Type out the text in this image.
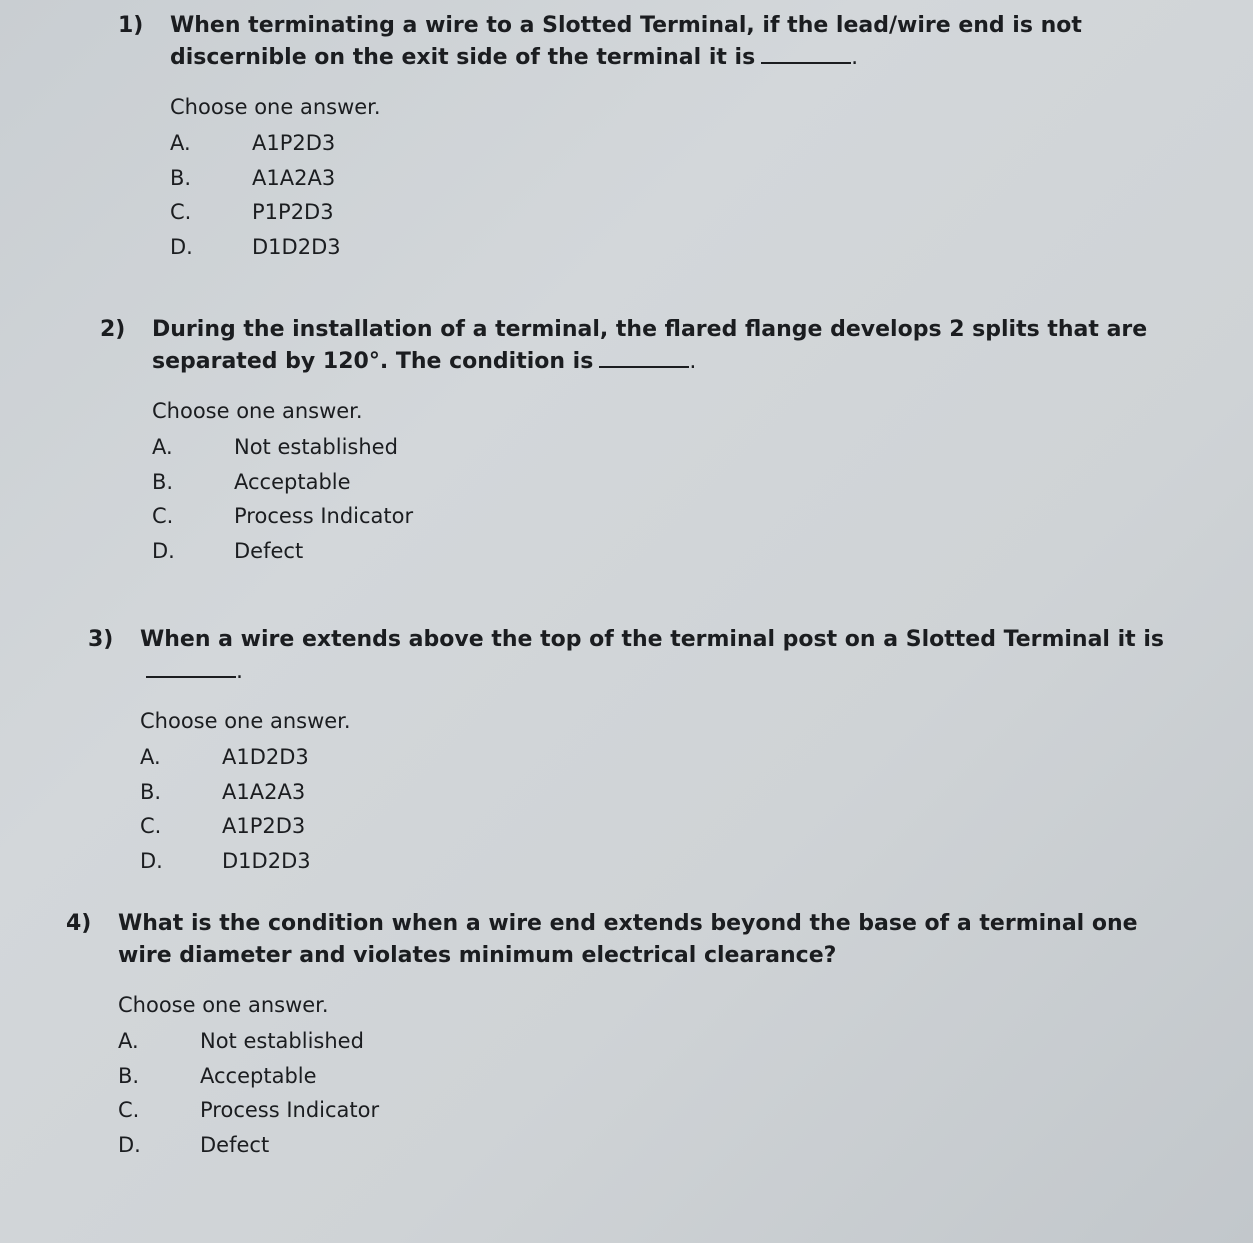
1) When terminating a wire to a Slotted Terminal, if the lead/wire end is not discernible on the exit side of the terminal it is	.
Choose one answer.
A.	A1P2D3
B.	A1A2A3
C.	P1P2D3
D.	D1D2D3
2) During the installation of a terminal, the flared flange develops 2 splits that are separated by 120°. The condition is	.
Choose one answer.
A.	Not established
B.	Acceptable
C.	Process Indicator
D.	Defect
3) When a wire extends above the top of the terminal post on a Slotted Terminal it is.
Choose one answer.
A.	A1D2D3
B.	A1A2A3
C.	A1P2D3
D.	D1D2D3
4) What is the condition when a wire end extends beyond the base of a terminal one wire diameter and violates minimum electrical clearance?
Choose one answer.
A.	Not established
B.	Acceptable
C.	Process Indicator
D.	Defect
